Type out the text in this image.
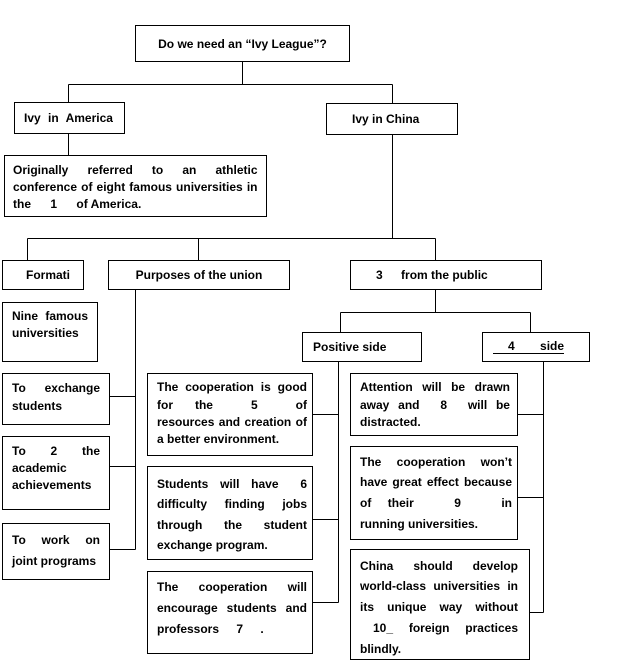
Do we need an “Ivy League”?
Ivy in America

Originally referred to an athletic conference of eight famous universities in the 1 of America.

Ivy in China
Formati	Purposes of the union	3
	from the public

Nine famous universities

Positive side	4 side

To exchange students

To 2 the academic achievements

To work on joint programs

The cooperation is good for the	5	of resources and creation of a better environment.

Students will have 6 difficulty finding jobs through the student exchange program.

The cooperation will encourage students and professors 7 .

Attention will be drawn away and 8 will be distracted.

The cooperation won’t have great effect because of their	9	in running universities.

China should develop world-class universities in its unique way without 10_ foreign practices blindly.
